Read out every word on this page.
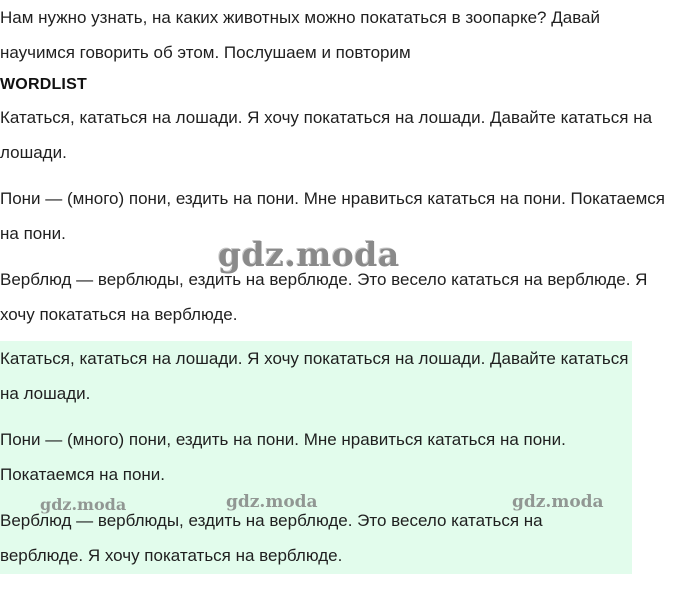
Нам нужно узнать, на каких животных можно покататься в зоопарке? Давай научимся говорить об этом. Послушаем и повторим

WORDLIST

Кататься, кататься на лошади. Я хочу покататься на лошади. Давайте кататься на лошади.

Пони — (много) пони, ездить на пони. Мне нравиться кататься на пони. Покатаемся на пони.

Верблюд — верблюды, ездить на верблюде. Это весело кататься на верблюде. Я хочу покататься на верблюде.

Кататься, кататься на лошади. Я хочу покататься на лошади. Давайте кататься на лошади.

Пони — (много) пони, ездить на пони. Мне нравиться кататься на пони. Покатаемся на пони.

Верблюд — верблюды, ездить на верблюде. Это весело кататься на верблюде. Я хочу покататься на верблюде.

gdz.moda
gdz.moda	gdz.moda	gdz.moda
